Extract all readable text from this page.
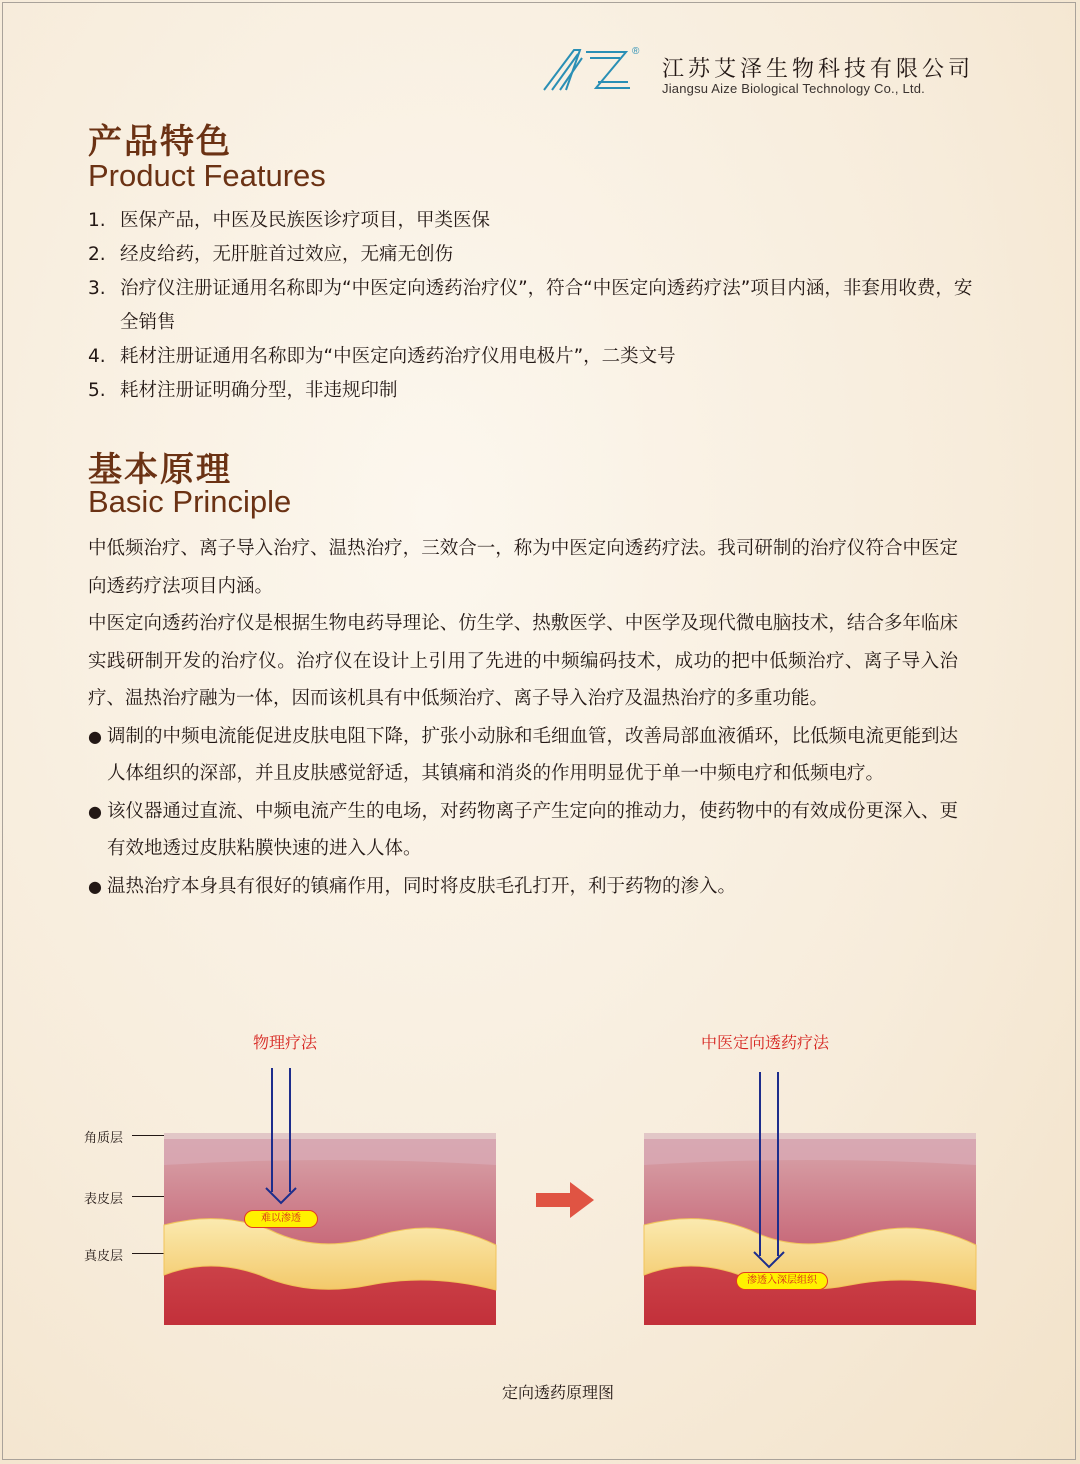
®
江苏艾泽生物科技有限公司
Jiangsu Aize Biological Technology Co., Ltd.
产品特色
Product Features
1. 医保产品，中医及民族医诊疗项目，甲类医保
2. 经皮给药，无肝脏首过效应，无痛无创伤
3. 治疗仪注册证通用名称即为“中医定向透药治疗仪”，符合“中医定向透药疗法”项目内涵，非套用收费，安全销售
4. 耗材注册证通用名称即为“中医定向透药治疗仪用电极片”，二类文号
5. 耗材注册证明确分型，非违规印制
基本原理
Basic Principle

中低频治疗、离子导入治疗、温热治疗，三效合一，称为中医定向透药疗法。我司研制的治疗仪符合中医定向透药疗法项目内涵。

中医定向透药治疗仪是根据生物电药导理论、仿生学、热敷医学、中医学及现代微电脑技术，结合多年临床实践研制开发的治疗仪。治疗仪在设计上引用了先进的中频编码技术，成功的把中低频治疗、离子导入治疗、温热治疗融为一体，因而该机具有中低频治疗、离子导入治疗及温热治疗的多重功能。

● 调制的中频电流能促进皮肤电阻下降，扩张小动脉和毛细血管，改善局部血液循环，比低频电流更能到达人体组织的深部，并且皮肤感觉舒适，其镇痛和消炎的作用明显优于单一中频电疗和低频电疗。

● 该仪器通过直流、中频电流产生的电场，对药物离子产生定向的推动力，使药物中的有效成份更深入、更有效地透过皮肤粘膜快速的进入人体。

● 温热治疗本身具有很好的镇痛作用，同时将皮肤毛孔打开，利于药物的渗入。

物理疗法	中医定向透药疗法
角质层
表皮层
真皮层
难以渗透
渗透入深层组织
定向透药原理图
